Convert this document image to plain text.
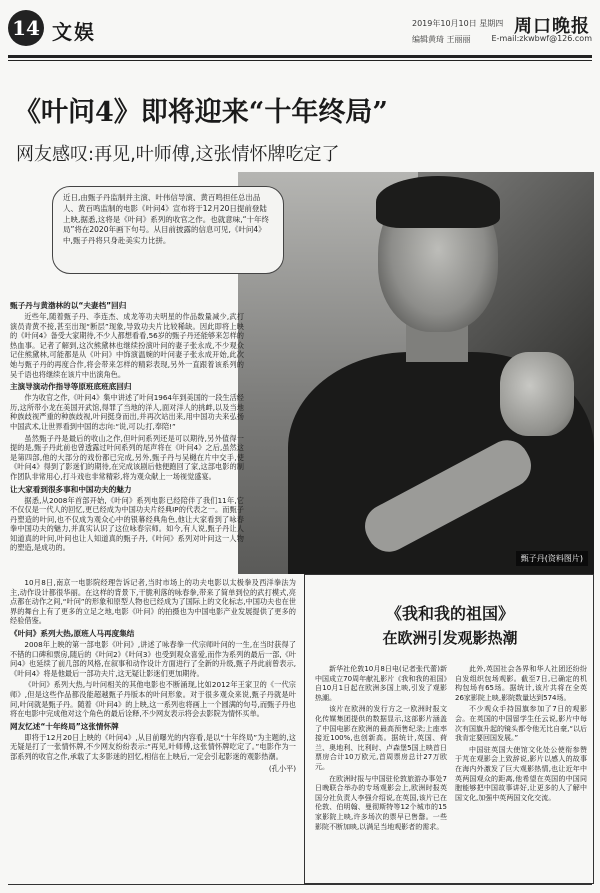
14 文娱	2019年10月10日 星期四
编辑黄琦 王丽丽
周口晚报
E-mail:zkwbwf@126.com
《叶问4》即将迎来“十年终局”
网友感叹:再见,叶师傅,这张情怀牌吃定了
甄子丹(资料图片)
近日,由甄子丹监制并主演、叶伟信导演、黄百鸣担任总出品人、黄百鸣监制的电影《叶问4》宣布将于12月20日提前登陆上映,据悉,这将是《叶问》系列的收官之作。也就意味,“十年终局”将在2020年画下句号。从目前披露的信息可见,《叶问4》中,甄子丹将只身赴美实力比拼。
甄子丹与黄渤林的以“夫妻档”回归

近些年,随着甄子丹、李连杰、成龙等功夫明星的作品数量减少,武打演员青黄不接,甚至出现“断层”现象,导致功夫片比较稀缺。因此即将上映的《叶问4》备受大家期待,不少人都想看看,56岁的甄子丹还能够来怎样的热血事。记者了解到,这次熊黛林也继续扮演叶问的妻子张永成,不少观众记住熊黛林,可能都是从《叶问》中饰演温婉的叶问妻子张永成开始,此次她与甄子丹的再度合作,将会带来怎样的精彩表现,另外一直跟着该系列的吴千语也将继续在该片中出演角色。

主演导演动作指导等原班底班底回归

作为收官之作,《叶问4》集中讲述了叶问1964年到美国的一段生活经历,这所带小龙在美国开武馆,得罪了当地的洋人,面对洋人的挑衅,以及当地种族歧视严重的种族歧视,叶问挺身而出,并再次站出来,用中国功夫来弘扬中国武术,让世界看到中国的志向:“说,可以;打,奉陪!”

虽然甄子丹是最后的收山之作,但叶问系列还是可以期待,另外值得一提的是,甄子丹此前也曾透露过叶问系列的尾声将在《叶问4》之后,虽然这是第四部,他的大部分的戏份都已完成,另外,甄子丹与吴樾在片中交手,使《叶问4》得到了影迷们的期待,在完成该剧后他便跑回了家,这部电影的制作团队非常用心,打斗戏也非常精彩,将为观众献上一场视觉盛宴。

让大家看到很多事和中国功夫的魅力

据悉,从2008年首部开始,《叶问》系列电影已经陪伴了我们11年,它不仅仅是一代人的回忆,更已经成为中国功夫片经典IP的代表之一。而甄子丹塑造的叶问,也不仅成为观众心中的银幕经典角色,他让大家看到了咏春拳中国功夫的魅力,并真实认识了这位咏春宗师。如今,有人说,甄子丹让人知道真的叶问,叶问也让人知道真的甄子丹,《叶问》系列对叶问这一人物的塑造,是成功的。

10月8日,南京一电影院经理告诉记者,当时市场上的功夫电影以太极拳及西洋拳法为主,动作设计都很华丽。在这样的背景下,干脆利落的咏春拳,带来了简单到位的武打模式,亮点都在动作之间,“叶问”的形象和原型人物也已经成为了国际上的文化标志,中国功夫也在世界的舞台上有了更多的立足之地,电影《叶问》的拍摄也为中国电影产业发展提供了更多的经验借鉴。

《叶问》系列大热,原班人马再度集结

2008年上映的第一部电影《叶问》,讲述了咏春拳一代宗师叶问的一生,在当时获得了不错的口碑和票房,随后的《叶问2》《叶问3》也受到观众喜爱,而作为系列的最后一部,《叶问4》也延续了前几部的风格,在叙事和动作设计方面进行了全新的升级,甄子丹此前曾表示,《叶问4》将是他最后一部功夫片,这无疑让影迷们更加期待。

《叶问》系列大热,与叶问相关的其他电影也不断涌现,比如2012年王家卫的《一代宗师》,但是这些作品都没能超越甄子丹版本的叶问形象。对于很多观众来说,甄子丹就是叶问,叶问就是甄子丹。随着《叶问4》的上映,这一系列也将画上一个圆满的句号,而甄子丹也将在电影中完成他对这个角色的最后诠释,不少网友表示将会去影院为情怀买单。

网友忆述“十年终局”这张情怀牌

即将于12月20日上映的《叶问4》,从目前曝光的内容看,是以“十年终局”为主题的,这无疑是打了一张情怀牌,不少网友纷纷表示:“再见,叶师傅,这张情怀牌吃定了。”电影作为一部系列的收官之作,承载了太多影迷的回忆,相信在上映后,一定会引起影迷的观影热潮。

(孔小平)
《我和我的祖国》
在欧洲引发观影热潮

新华社伦敦10月8日电(记者张代蕾)新中国成立70周年献礼影片《我和我的祖国》自10月1日起在欧洲多国上映,引发了观影热潮。

该片在欧洲的发行方之一欧洲时报文化传媒集团提供的数据显示,这部影片涵盖了中国电影在欧洲的最高预售纪录;上座率接近100%,也创新高。据统计,英国、荷兰、奥地利、比利时、卢森堡5国上映首日票房合计10万欧元,首周票房总计27万欧元。

在欧洲时报与中国驻伦敦旅游办事处7日晚联合举办的专场观影会上,欧洲时报英国分社负责人李强介绍说,在英国,该片已在伦敦、伯明翰、曼彻斯特等12个城市的15家影院上映,许多场次的票早已售罄。一些影院不断加映,以满足当地观影者的需求。

此外,英国社会各界和华人社团还纷纷自发组织包场观影。截至7日,已确定的机构包场有65场。据统计,该片共将在全英26家影院上映,影院数量达到574场。

不少观众手持国旗参加了7日的观影会。在英国的中国留学生任云说,影片中每次有国旗升起的镜头都令他无比自豪,“以后我肯定要回国发展。”

中国驻英国大使馆文化处公使衔参赞于芃在观影会上致辞说,影片以感人的故事在海内外激发了巨大观影热情,也让近年中英两国观众的距离,他希望在英国的中国同胞能够把中国故事讲好,让更多的人了解中国文化,加强中英两国文化交流。
